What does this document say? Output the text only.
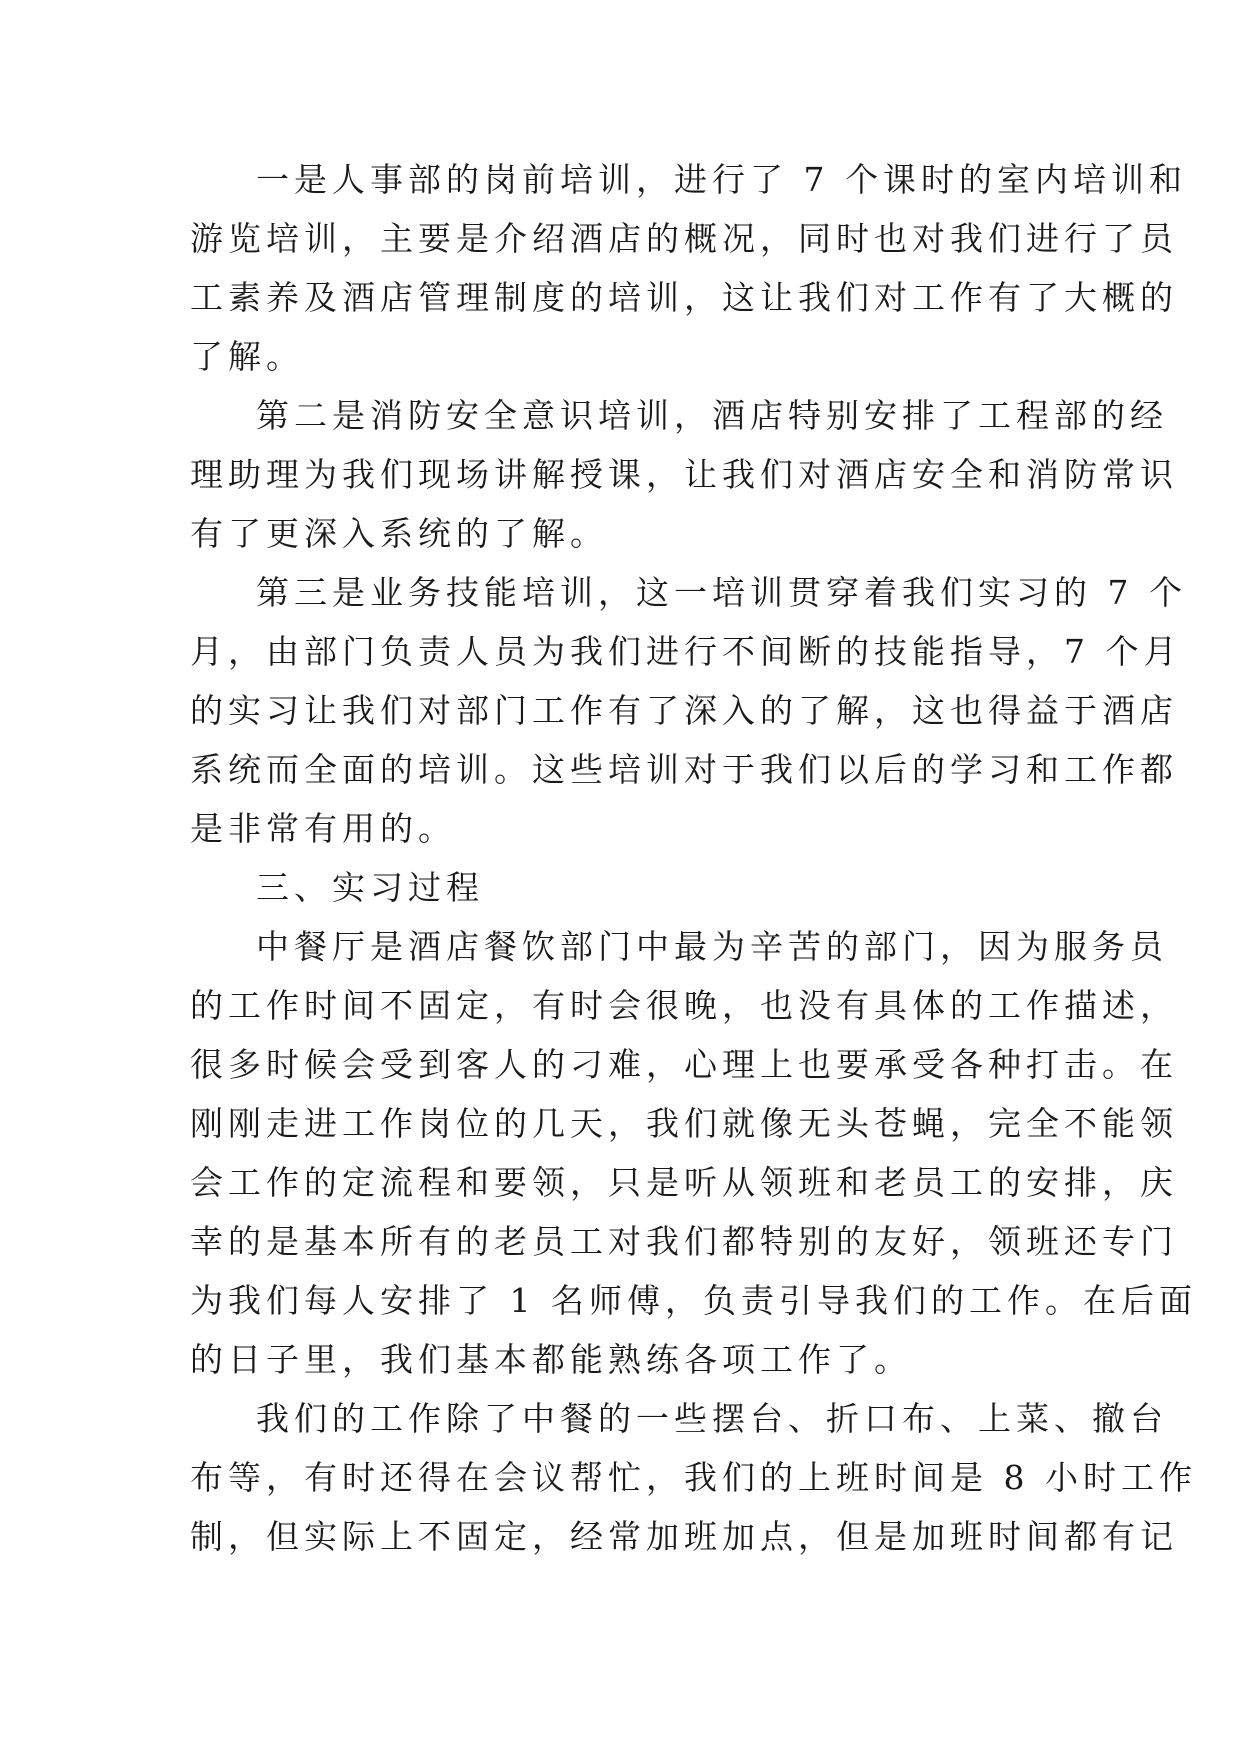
一是人事部的岗前培训，进行了 7 个课时的室内培训和
游览培训，主要是介绍酒店的概况，同时也对我们进行了员
工素养及酒店管理制度的培训，这让我们对工作有了大概的
了解。

第二是消防安全意识培训，酒店特别安排了工程部的经
理助理为我们现场讲解授课，让我们对酒店安全和消防常识
有了更深入系统的了解。

第三是业务技能培训，这一培训贯穿着我们实习的 7 个
月，由部门负责人员为我们进行不间断的技能指导，7 个月
的实习让我们对部门工作有了深入的了解，这也得益于酒店
系统而全面的培训。这些培训对于我们以后的学习和工作都
是非常有用的。

三、实习过程

中餐厅是酒店餐饮部门中最为辛苦的部门，因为服务员
的工作时间不固定，有时会很晚，也没有具体的工作描述，
很多时候会受到客人的刁难，心理上也要承受各种打击。在
刚刚走进工作岗位的几天，我们就像无头苍蝇，完全不能领
会工作的定流程和要领，只是听从领班和老员工的安排，庆
幸的是基本所有的老员工对我们都特别的友好，领班还专门
为我们每人安排了 1 名师傅，负责引导我们的工作。在后面
的日子里，我们基本都能熟练各项工作了。

我们的工作除了中餐的一些摆台、折口布、上菜、撤台
布等，有时还得在会议帮忙，我们的上班时间是 8 小时工作
制，但实际上不固定，经常加班加点，但是加班时间都有记
